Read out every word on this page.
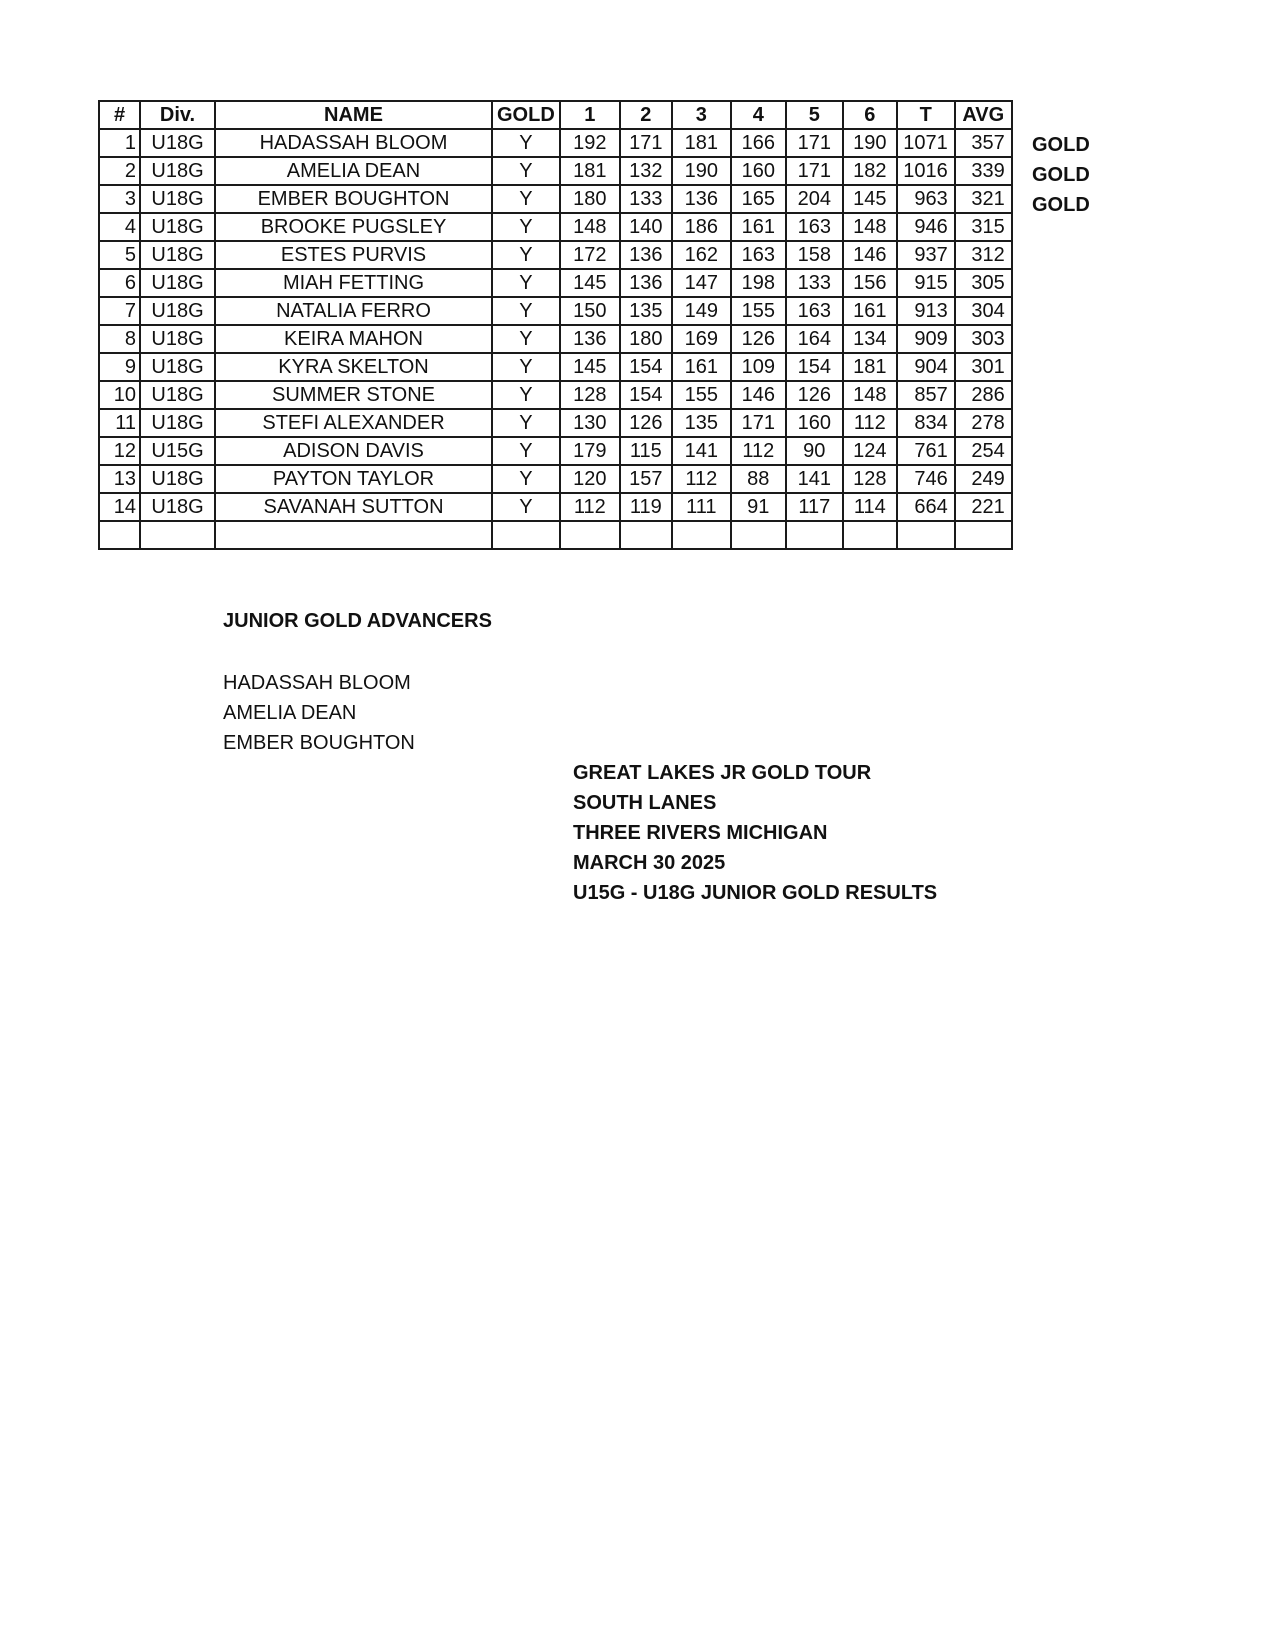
#	Div.	NAME	GOLD	1	2	3	4	5	6	T	AVG
1	U18G	HADASSAH BLOOM	Y	192	171	181	166	171	190	1071	357
2	U18G	AMELIA DEAN	Y	181	132	190	160	171	182	1016	339
3	U18G	EMBER BOUGHTON	Y	180	133	136	165	204	145	963	321
4	U18G	BROOKE PUGSLEY	Y	148	140	186	161	163	148	946	315
5	U18G	ESTES PURVIS	Y	172	136	162	163	158	146	937	312
6	U18G	MIAH FETTING	Y	145	136	147	198	133	156	915	305
7	U18G	NATALIA FERRO	Y	150	135	149	155	163	161	913	304
8	U18G	KEIRA MAHON	Y	136	180	169	126	164	134	909	303
9	U18G	KYRA SKELTON	Y	145	154	161	109	154	181	904	301
10	U18G	SUMMER STONE	Y	128	154	155	146	126	148	857	286
11	U18G	STEFI ALEXANDER	Y	130	126	135	171	160	112	834	278
12	U15G	ADISON DAVIS	Y	179	115	141	112	90	124	761	254
13	U18G	PAYTON TAYLOR	Y	120	157	112	88	141	128	746	249
14	U18G	SAVANAH SUTTON	Y	112	119	111	91	117	114	664	221

GOLD
GOLD
GOLD
JUNIOR GOLD ADVANCERS
HADASSAH BLOOM
AMELIA DEAN
EMBER BOUGHTON
GREAT LAKES JR GOLD TOUR
SOUTH LANES
THREE RIVERS MICHIGAN
MARCH 30 2025
U15G - U18G JUNIOR GOLD RESULTS
